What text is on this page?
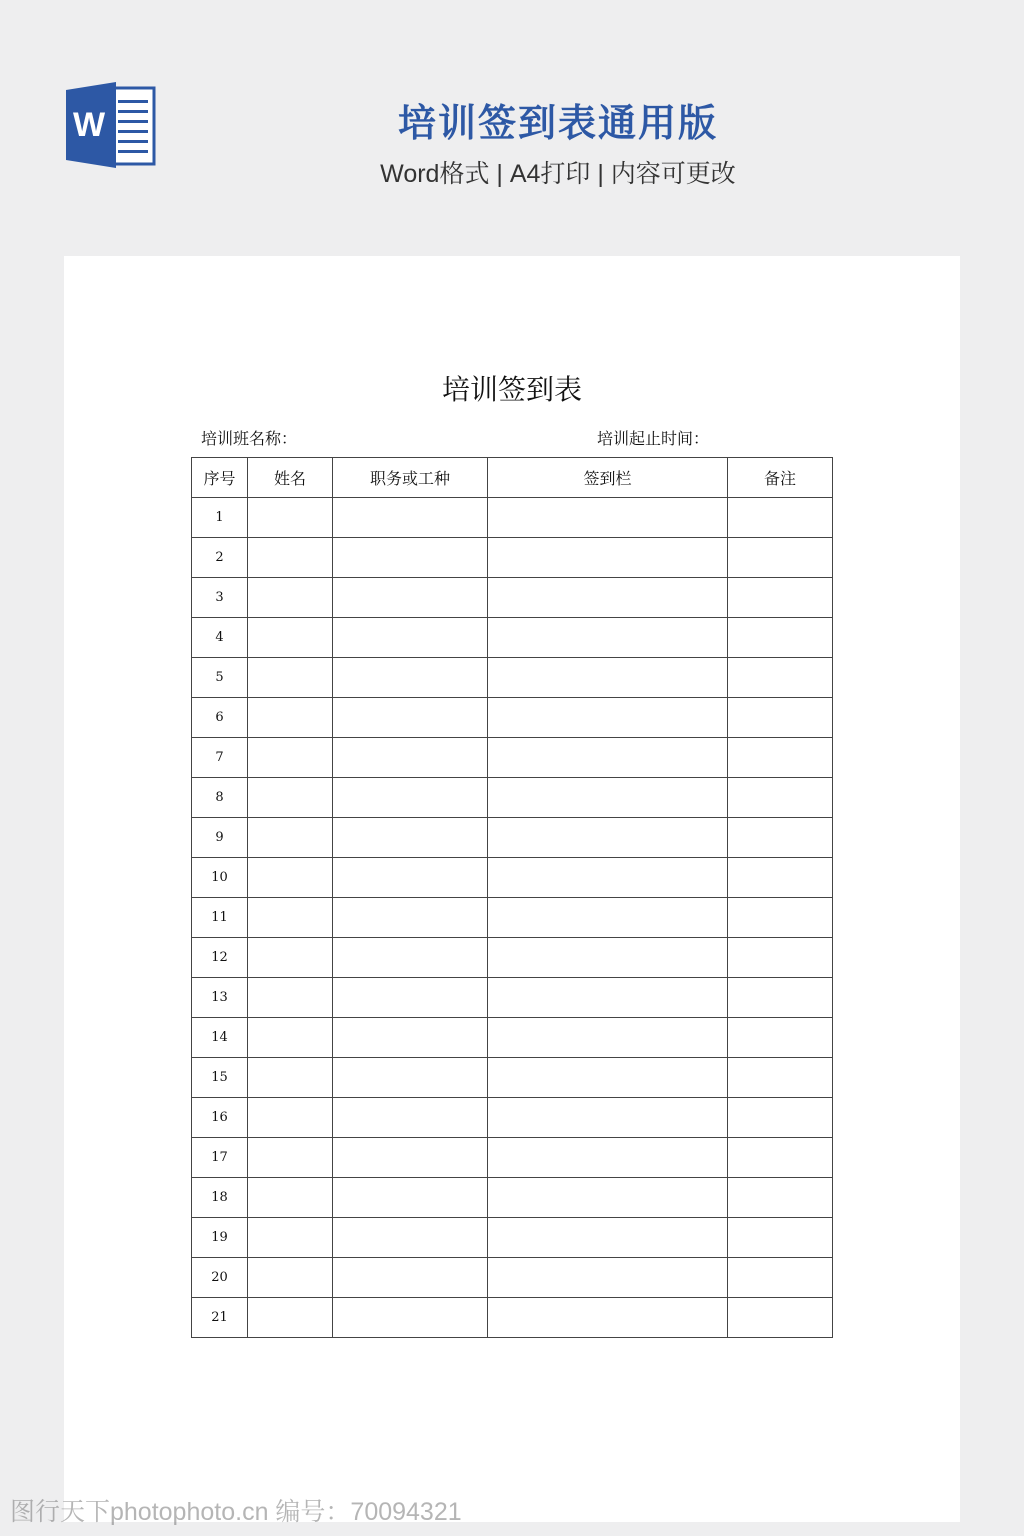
W	培训签到表通用版
Word格式 | A4打印 | 内容可更改
培训签到表
培训班名称：	培训起止时间：
序号	姓名	职务或工种	签到栏	备注
1				
2				
3				
4				
5				
6				
7				
8				
9				
10				
11				
12				
13				
14				
15				
16				
17				
18				
19				
20				
21				
图行天下photophoto.cn 编号：70094321
